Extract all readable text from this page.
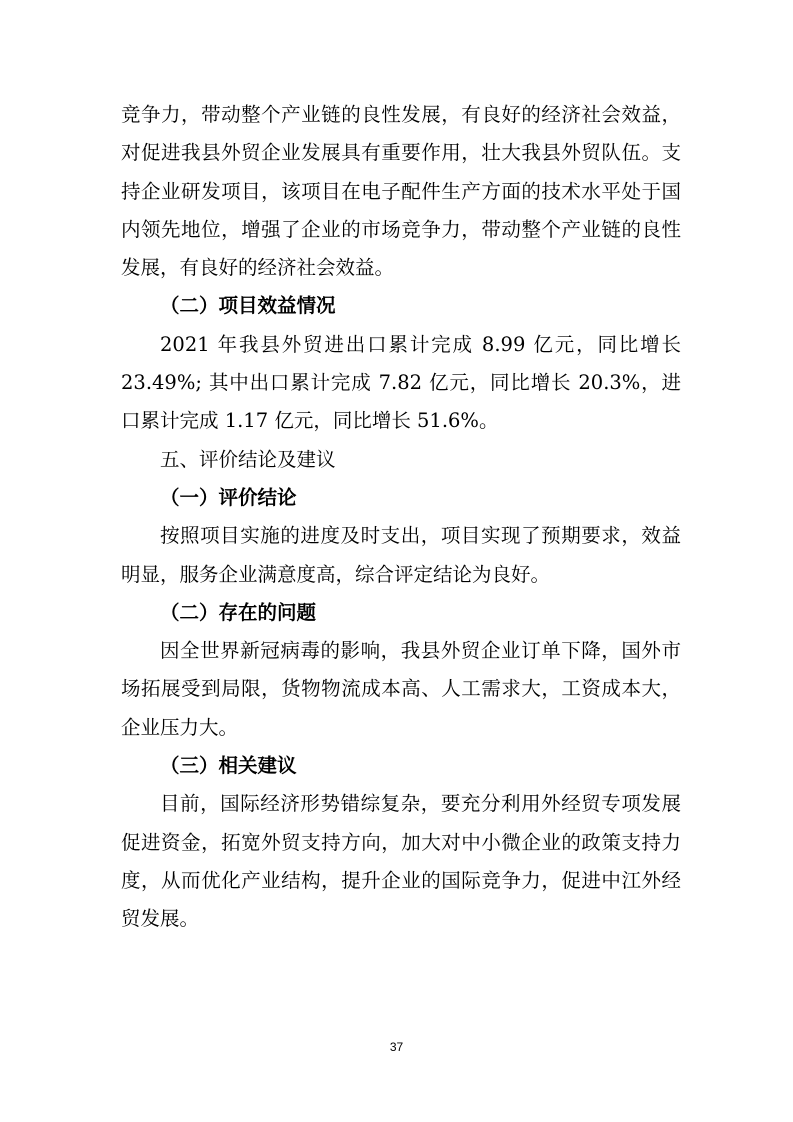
竞争力，带动整个产业链的良性发展，有良好的经济社会效益，对促进我县外贸企业发展具有重要作用，壮大我县外贸队伍。支持企业研发项目，该项目在电子配件生产方面的技术水平处于国内领先地位，增强了企业的市场竞争力，带动整个产业链的良性发展，有良好的经济社会效益。

（二）项目效益情况

2021 年我县外贸进出口累计完成 8.99 亿元，同比增长 23.49%; 其中出口累计完成 7.82 亿元，同比增长 20.3%，进口累计完成 1.17 亿元，同比增长 51.6%。

五、评价结论及建议

（一）评价结论

按照项目实施的进度及时支出，项目实现了预期要求，效益明显，服务企业满意度高，综合评定结论为良好。

（二）存在的问题

因全世界新冠病毒的影响，我县外贸企业订单下降，国外市场拓展受到局限，货物物流成本高、人工需求大，工资成本大，企业压力大。

（三）相关建议

目前，国际经济形势错综复杂，要充分利用外经贸专项发展促进资金，拓宽外贸支持方向，加大对中小微企业的政策支持力度，从而优化产业结构，提升企业的国际竞争力，促进中江外经贸发展。

37
